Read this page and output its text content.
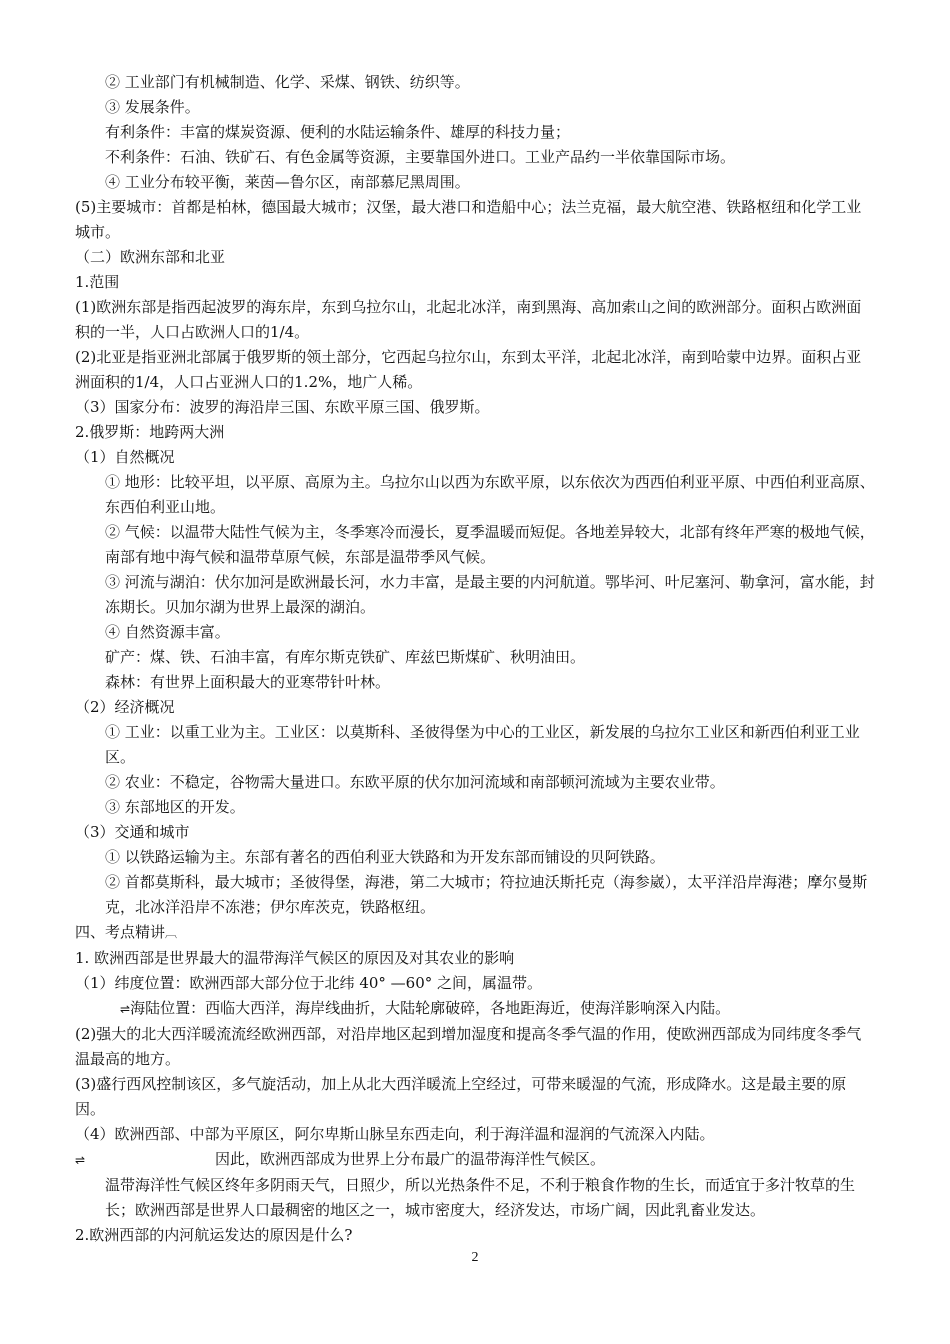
② 工业部门有机械制造、化学、采煤、钢铁、纺织等。

③ 发展条件。

有利条件：丰富的煤炭资源、便利的水陆运输条件、雄厚的科技力量；

不利条件：石油、铁矿石、有色金属等资源，主要靠国外进口。工业产品约一半依靠国际市场。

④ 工业分布较平衡，莱茵—鲁尔区，南部慕尼黑周围。

(5)主要城市：首都是柏林，德国最大城市；汉堡，最大港口和造船中心；法兰克福，最大航空港、铁路枢纽和化学工业城市。

（二）欧洲东部和北亚

1.范围

(1)欧洲东部是指西起波罗的海东岸，东到乌拉尔山，北起北冰洋，南到黑海、高加索山之间的欧洲部分。面积占欧洲面积的一半，人口占欧洲人口的1/4。

(2)北亚是指亚洲北部属于俄罗斯的领土部分，它西起乌拉尔山，东到太平洋，北起北冰洋，南到哈蒙中边界。面积占亚洲面积的1/4，人口占亚洲人口的1.2%，地广人稀。

（3）国家分布：波罗的海沿岸三国、东欧平原三国、俄罗斯。

2.俄罗斯：地跨两大洲

（1）自然概况

① 地形：比较平坦，以平原、高原为主。乌拉尔山以西为东欧平原，以东依次为西西伯利亚平原、中西伯利亚高原、东西伯利亚山地。

② 气候：以温带大陆性气候为主，冬季寒冷而漫长，夏季温暖而短促。各地差异较大，北部有终年严寒的极地气候，南部有地中海气候和温带草原气候，东部是温带季风气候。

③ 河流与湖泊：伏尔加河是欧洲最长河，水力丰富，是最主要的内河航道。鄂毕河、叶尼塞河、勒拿河，富水能，封冻期长。贝加尔湖为世界上最深的湖泊。

④ 自然资源丰富。

矿产：煤、铁、石油丰富，有库尔斯克铁矿、库兹巴斯煤矿、秋明油田。

森林：有世界上面积最大的亚寒带针叶林。

（2）经济概况

① 工业：以重工业为主。工业区：以莫斯科、圣彼得堡为中心的工业区，新发展的乌拉尔工业区和新西伯利亚工业区。

② 农业：不稳定，谷物需大量进口。东欧平原的伏尔加河流域和南部顿河流域为主要农业带。

③ 东部地区的开发。

（3）交通和城市

① 以铁路运输为主。东部有著名的西伯利亚大铁路和为开发东部而铺设的贝阿铁路。

② 首都莫斯科，最大城市；圣彼得堡，海港，第二大城市；符拉迪沃斯托克（海参崴），太平洋沿岸海港；摩尔曼斯克，北冰洋沿岸不冻港；伊尔库茨克，铁路枢纽。

四、考点精讲︹

1. 欧洲西部是世界最大的温带海洋气候区的原因及对其农业的影响

（1）纬度位置：欧洲西部大部分位于北纬 40° —60° 之间，属温带。

⇌海陆位置：西临大西洋，海岸线曲折，大陆轮廓破碎，各地距海近，使海洋影响深入内陆。

(2)强大的北大西洋暖流流经欧洲西部，对沿岸地区起到增加湿度和提高冬季气温的作用，使欧洲西部成为同纬度冬季气温最高的地方。

(3)盛行西风控制该区，多气旋活动，加上从北大西洋暖流上空经过，可带来暖湿的气流，形成降水。这是最主要的原因。

（4）欧洲西部、中部为平原区，阿尔卑斯山脉呈东西走向，利于海洋温和湿润的气流深入内陆。

⇌	因此，欧洲西部成为世界上分布最广的温带海洋性气候区。

温带海洋性气候区终年多阴雨天气，日照少，所以光热条件不足，不利于粮食作物的生长，而适宜于多汁牧草的生长；欧洲西部是世界人口最稠密的地区之一，城市密度大，经济发达，市场广阔，因此乳畜业发达。

2.欧洲西部的内河航运发达的原因是什么?

2
